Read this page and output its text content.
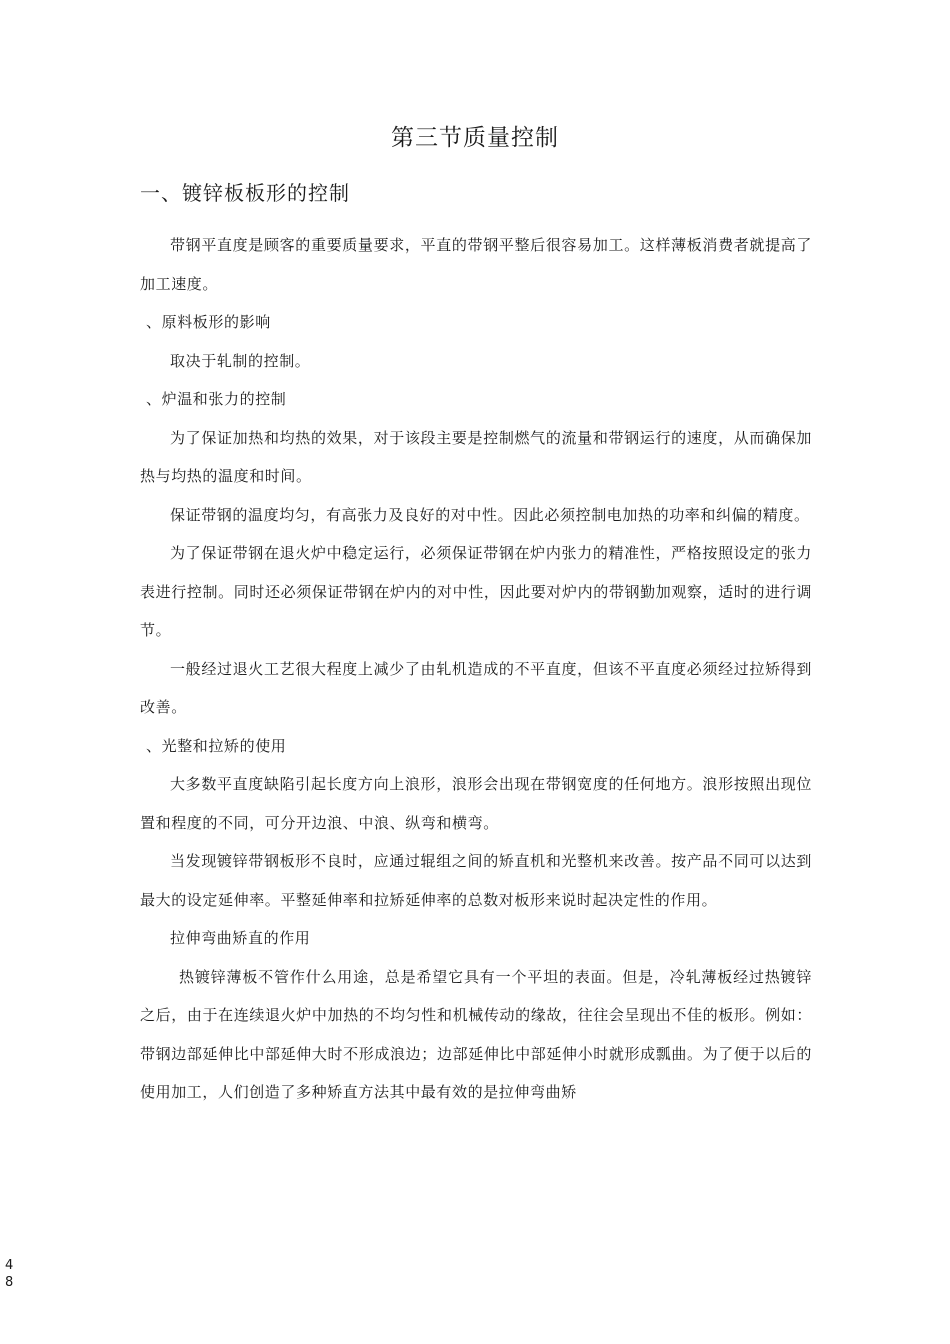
第三节质量控制
一、镀锌板板形的控制

带钢平直度是顾客的重要质量要求，平直的带钢平整后很容易加工。这样薄板消费者就提高了加工速度。

、原料板形的影响

取决于轧制的控制。

、炉温和张力的控制

为了保证加热和均热的效果，对于该段主要是控制燃气的流量和带钢运行的速度，从而确保加热与均热的温度和时间。

保证带钢的温度均匀，有高张力及良好的对中性。因此必须控制电加热的功率和纠偏的精度。

为了保证带钢在退火炉中稳定运行，必须保证带钢在炉内张力的精准性，严格按照设定的张力表进行控制。同时还必须保证带钢在炉内的对中性，因此要对炉内的带钢勤加观察，适时的进行调节。

一般经过退火工艺很大程度上减少了由轧机造成的不平直度，但该不平直度必须经过拉矫得到改善。

、光整和拉矫的使用

大多数平直度缺陷引起长度方向上浪形，浪形会出现在带钢宽度的任何地方。浪形按照出现位置和程度的不同，可分开边浪、中浪、纵弯和横弯。

当发现镀锌带钢板形不良时，应通过辊组之间的矫直机和光整机来改善。按产品不同可以达到最大的设定延伸率。平整延伸率和拉矫延伸率的总数对板形来说时起决定性的作用。

拉伸弯曲矫直的作用

热镀锌薄板不管作什么用途，总是希望它具有一个平坦的表面。但是，冷轧薄板经过热镀锌之后，由于在连续退火炉中加热的不均匀性和机械传动的缘故，往往会呈现出不佳的板形。例如：带钢边部延伸比中部延伸大时不形成浪边；边部延伸比中部延伸小时就形成瓢曲。为了便于以后的使用加工，人们创造了多种矫直方法其中最有效的是拉伸弯曲矫

48
